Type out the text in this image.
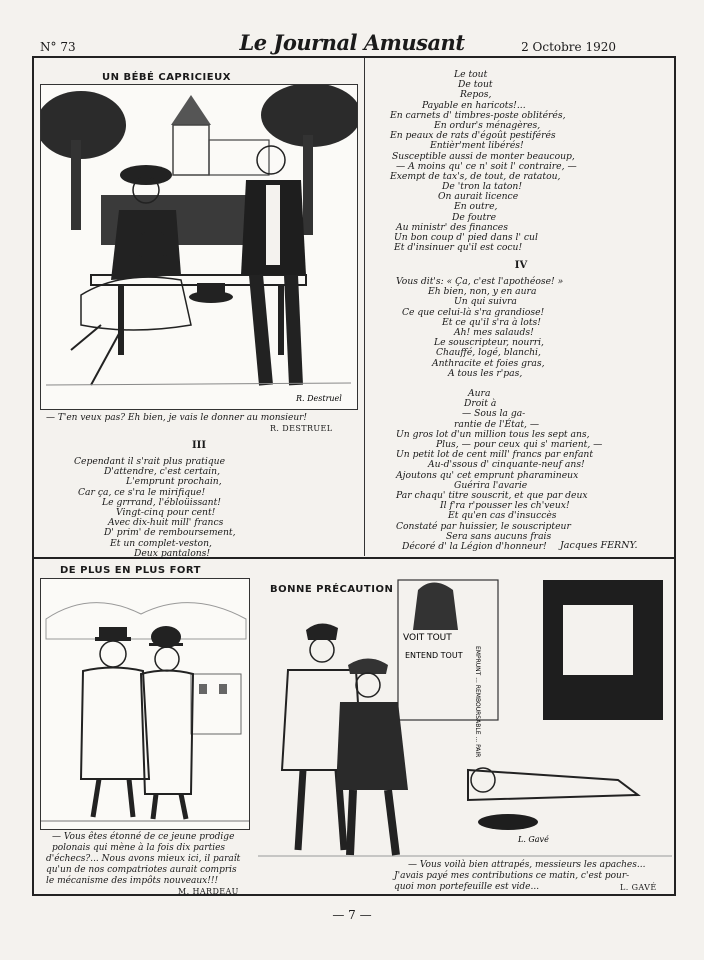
N° 73	Le Journal Amusant	2 Octobre 1920
UN BÉBÉ CAPRICIEUX
R. Destruel
— T'en veux pas? Eh bien, je vais le donner au monsieur!
R. DESTRUEL
III
Cependant il s'rait plus pratique
D'attendre, c'est certain,
L'emprunt prochain,
Car ça, ce s'ra le mirifique!
Le grrrand, l'ébloüissant!
Vingt-cinq pour cent!
Avec dix-huit mill' francs
D' prim' de remboursement,
Et un complet-veston,
Deux pantalons!
Le tout
De tout
Repos,
Payable en haricots!...
En carnets d' timbres-poste oblitérés,
En ordur's ménagères,
En peaux de rats d'égoût pestiférés
Entièr'ment libérés!
Susceptible aussi de monter beaucoup,
— A moins qu' ce n' soit l' contraire, —
Exempt de tax's, de tout, de ratatou,
De 'tron la taton!
On aurait licence
En outre,
De foutre
Au ministr' des finances
Un bon coup d' pied dans l' cul
Et d'insinuer qu'il est cocu!
IV
Vous dit's: « Ça, c'est l'apothéose! »
Eh bien, non, y en aura
Un qui suivra
Ce que celui-là s'ra grandiose!
Et ce qu'il s'ra à lots!
Ah! mes salauds!
Le souscripteur, nourri,
Chauffé, logé, blanchi,
Anthracite et foies gras,
A tous les r'pas,
Aura
Droit à
— Sous la ga-
rantie de l'État, —
Un gros lot d'un million tous les sept ans,
Plus, — pour ceux qui s' marient, —
Un petit lot de cent mill' francs par enfant
Au-d'ssous d' cinquante-neuf ans!
Ajoutons qu' cet emprunt pharamineux
Guérira l'avarie
Par chaqu' titre souscrit, et que par deux
Il f'ra r'pousser les ch'veux!
Et qu'en cas d'insuccès
Constaté par huissier, le souscripteur
Sera sans aucuns frais
Décoré d' la Légion d'honneur!	Jacques FERNY.
DE PLUS EN PLUS FORT
— Vous êtes étonné de ce jeune prodige
polonais qui mène à la fois dix parties
d'échecs?... Nous avons mieux ici, il paraît
qu'un de nos compatriotes aurait compris
le mécanisme des impôts nouveaux!!!
M. HARDEAU
BONNE PRÉCAUTION
VOIT TOUT
ENTEND TOUT EMPRUNT ... REMBOURSABLE ... PAIR
L. Gavé
— Vous voilà bien attrapés, messieurs les apaches...
J'avais payé mes contributions ce matin, c'est pour-
quoi mon portefeuille est vide...	L. GAVÉ
— 7 —
